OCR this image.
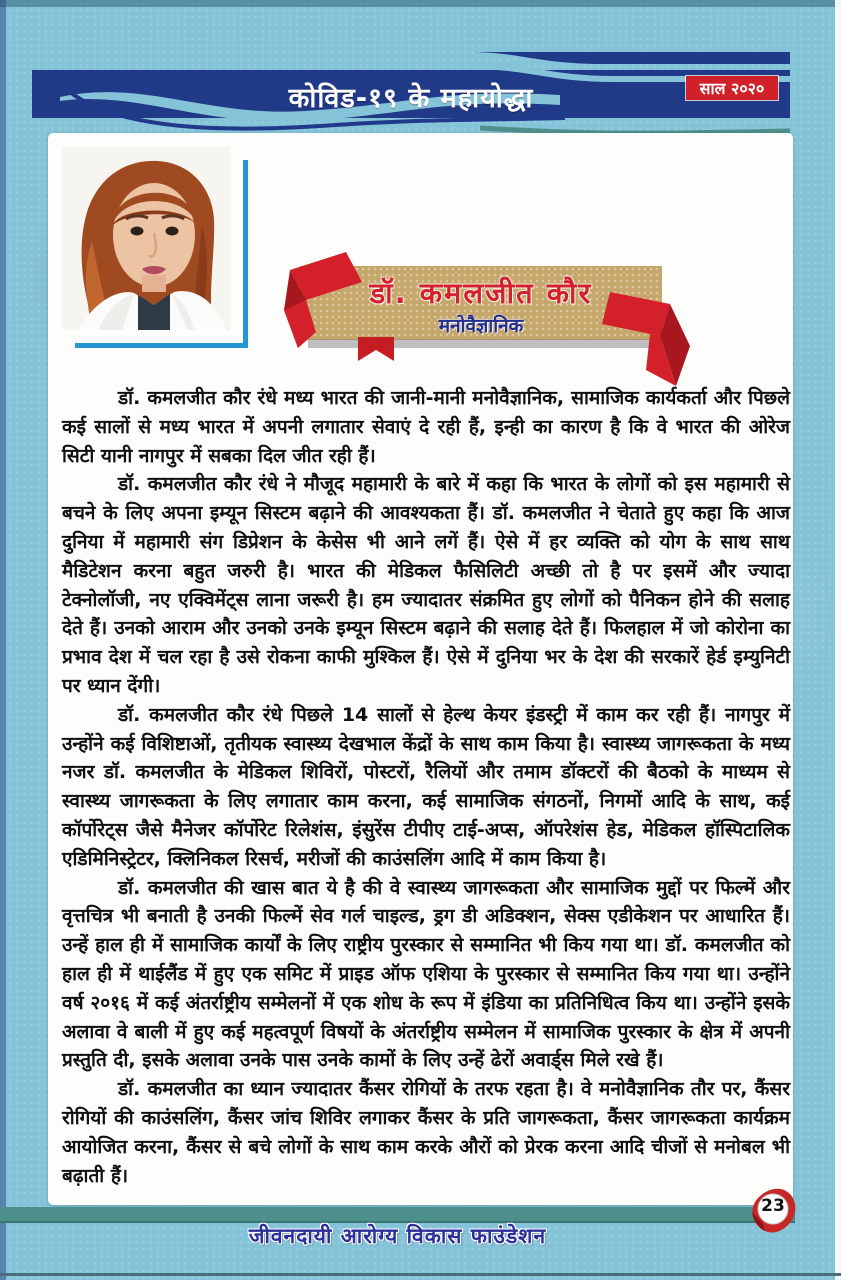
कोविड-१९ के महायोद्धा	साल २०२०
डॉ. कमलजीत कौर
मनोवैज्ञानिक

डॉ. कमलजीत कौर रंधे मध्य भारत की जानी-मानी मनोवैज्ञानिक, सामाजिक कार्यकर्ता और पिछले कई सालों से मध्य भारत में अपनी लगातार सेवाएं दे रही हैं, इन्ही का कारण है कि वे भारत की ओरेज सिटी यानी नागपुर में सबका दिल जीत रही हैं।

डॉ. कमलजीत कौर रंधे ने मौजूद महामारी के बारे में कहा कि भारत के लोगों को इस महामारी से बचने के लिए अपना इम्यून सिस्टम बढ़ाने की आवश्यकता हैं। डॉ. कमलजीत ने चेताते हुए कहा कि आज दुनिया में महामारी संग डिप्रेशन के केसेस भी आने लगें हैं। ऐसे में हर व्यक्ति को योग के साथ साथ मैडिटेशन करना बहुत जरुरी है। भारत की मेडिकल फैसिलिटी अच्छी तो है पर इसमें और ज्यादा टेक्नोलॉजी, नए एक्विमेंट्स लाना जरूरी है। हम ज्यादातर संक्रमित हुए लोगों को पैनिकन होने की सलाह देते हैं। उनको आराम और उनको उनके इम्यून सिस्टम बढ़ाने की सलाह देते हैं। फिलहाल में जो कोरोना का प्रभाव देश में चल रहा है उसे रोकना काफी मुश्किल हैं। ऐसे में दुनिया भर के देश की सरकारें हेर्ड इम्युनिटी पर ध्यान देंगी।

डॉ. कमलजीत कौर रंधे पिछले 14 सालों से हेल्थ केयर इंडस्ट्री में काम कर रही हैं। नागपुर में उन्होंने कई विशिष्टाओं, तृतीयक स्वास्थ्य देखभाल केंद्रों के साथ काम किया है। स्वास्थ्य जागरूकता के मध्य नजर डॉ. कमलजीत के मेडिकल शिविरों, पोस्टरों, रैलियों और तमाम डॉक्टरों की बैठको के माध्यम से स्वास्थ्य जागरूकता के लिए लगातार काम करना, कई सामाजिक संगठनों, निगमों आदि के साथ, कई कॉर्पोरेट्स जैसे मैनेजर कॉर्पोरेट रिलेशंस, इंसुरेंस टीपीए टाई-अप्स, ऑपरेशंस हेड, मेडिकल हॉस्पिटालिक एडिमिनिस्ट्रेटर, क्लिनिकल रिसर्च, मरीजों की काउंसलिंग आदि में काम किया है।

डॉ. कमलजीत की खास बात ये है की वे स्वास्थ्य जागरूकता और सामाजिक मुद्दों पर फिल्में और वृत्तचित्र भी बनाती है उनकी फिल्में सेव गर्ल चाइल्ड, ड्रग डी अडिक्शन, सेक्स एडीकेशन पर आधारित हैं। उन्हें हाल ही में सामाजिक कार्यों के लिए राष्ट्रीय पुरस्कार से सम्मानित भी किय गया था। डॉ. कमलजीत को हाल ही में थाईलैंड में हुए एक समिट में प्राइड ऑफ एशिया के पुरस्कार से सम्मानित किय गया था। उन्होंने वर्ष २०१६ में कई अंतर्राष्ट्रीय सम्मेलनों में एक शोध के रूप में इंडिया का प्रतिनिधित्व किय था। उन्होंने इसके अलावा वे बाली में हुए कई महत्वपूर्ण विषयों के अंतर्राष्ट्रीय सम्मेलन में सामाजिक पुरस्कार के क्षेत्र में अपनी प्रस्तुति दी, इसके अलावा उनके पास उनके कामों के लिए उन्हें ढेरों अवार्ड्स मिले रखे हैं।

डॉ. कमलजीत का ध्यान ज्यादातर कैंसर रोगियों के तरफ रहता है। वे मनोवैज्ञानिक तौर पर, कैंसर रोगियों की काउंसलिंग, कैंसर जांच शिविर लगाकर कैंसर के प्रति जागरूकता, कैंसर जागरूकता कार्यक्रम आयोजित करना, कैंसर से बचे लोगों के साथ काम करके औरों को प्रेरक करना आदि चीजों से मनोबल भी बढ़ाती हैं।

जीवनदायी आरोग्य विकास फाउंडेशन
23
